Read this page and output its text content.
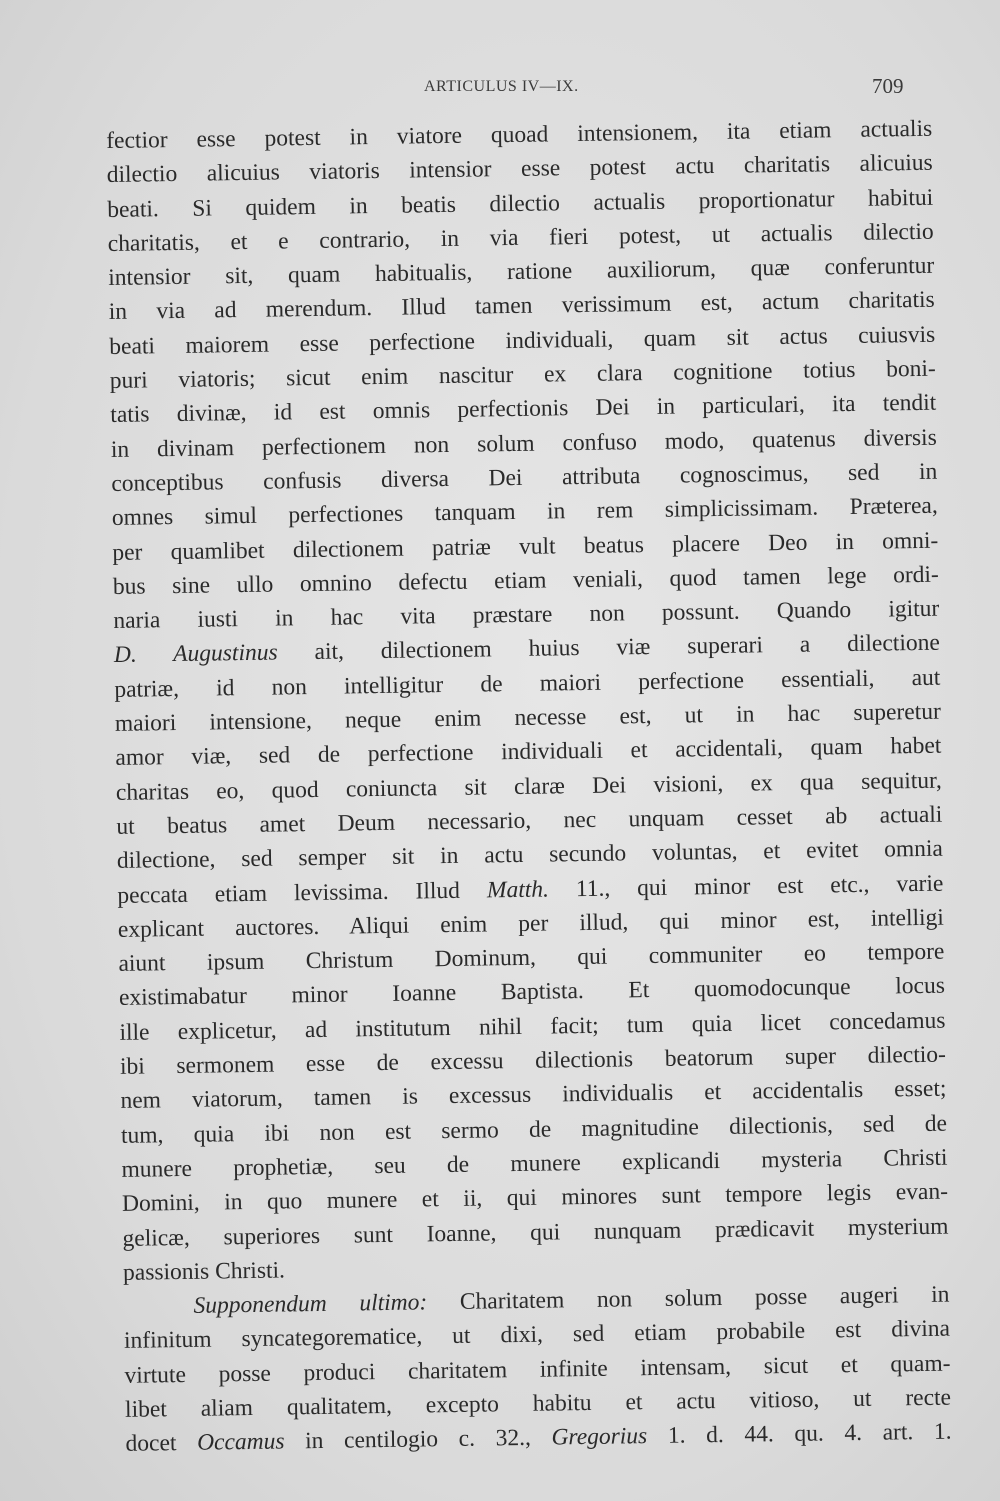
ARTICULUS IV—IX.	709
fectior esse potest in viatore quoad intensionem, ita etiam actualis
dilectio alicuius viatoris intensior esse potest actu charitatis alicuius
beati. Si quidem in beatis dilectio actualis proportionatur habitui
charitatis, et e contrario, in via fieri potest, ut actualis dilectio
intensior sit, quam habitualis, ratione auxiliorum, quæ conferuntur
in via ad merendum. Illud tamen verissimum est, actum charitatis
beati maiorem esse perfectione individuali, quam sit actus cuiusvis
puri viatoris; sicut enim nascitur ex clara cognitione totius boni-
tatis divinæ, id est omnis perfectionis Dei in particulari, ita tendit
in divinam perfectionem non solum confuso modo, quatenus diversis
conceptibus confusis diversa Dei attributa cognoscimus, sed in
omnes simul perfectiones tanquam in rem simplicissimam. Præterea,
per quamlibet dilectionem patriæ vult beatus placere Deo in omni-
bus sine ullo omnino defectu etiam veniali, quod tamen lege ordi-
naria iusti in hac vita præstare non possunt. Quando igitur
D. Augustinus ait, dilectionem huius viæ superari a dilectione
patriæ, id non intelligitur de maiori perfectione essentiali, aut
maiori intensione, neque enim necesse est, ut in hac superetur
amor viæ, sed de perfectione individuali et accidentali, quam habet
charitas eo, quod coniuncta sit claræ Dei visioni, ex qua sequitur,
ut beatus amet Deum necessario, nec unquam cesset ab actuali
dilectione, sed semper sit in actu secundo voluntas, et evitet omnia
peccata etiam levissima. Illud Matth. 11., qui minor est etc., varie
explicant auctores. Aliqui enim per illud, qui minor est, intelligi
aiunt ipsum Christum Dominum, qui communiter eo tempore
existimabatur minor Ioanne Baptista. Et quomodocunque locus
ille explicetur, ad institutum nihil facit; tum quia licet concedamus
ibi sermonem esse de excessu dilectionis beatorum super dilectio-
nem viatorum, tamen is excessus individualis et accidentalis esset;
tum, quia ibi non est sermo de magnitudine dilectionis, sed de
munere prophetiæ, seu de munere explicandi mysteria Christi
Domini, in quo munere et ii, qui minores sunt tempore legis evan-
gelicæ, superiores sunt Ioanne, qui nunquam prædicavit mysterium
passionis Christi.
Supponendum ultimo: Charitatem non solum posse augeri in
infinitum syncategorematice, ut dixi, sed etiam probabile est divina
virtute posse produci charitatem infinite intensam, sicut et quam-
libet aliam qualitatem, excepto habitu et actu vitioso, ut recte
docet Occamus in centilogio c. 32., Gregorius 1. d. 44. qu. 4. art. 1.
